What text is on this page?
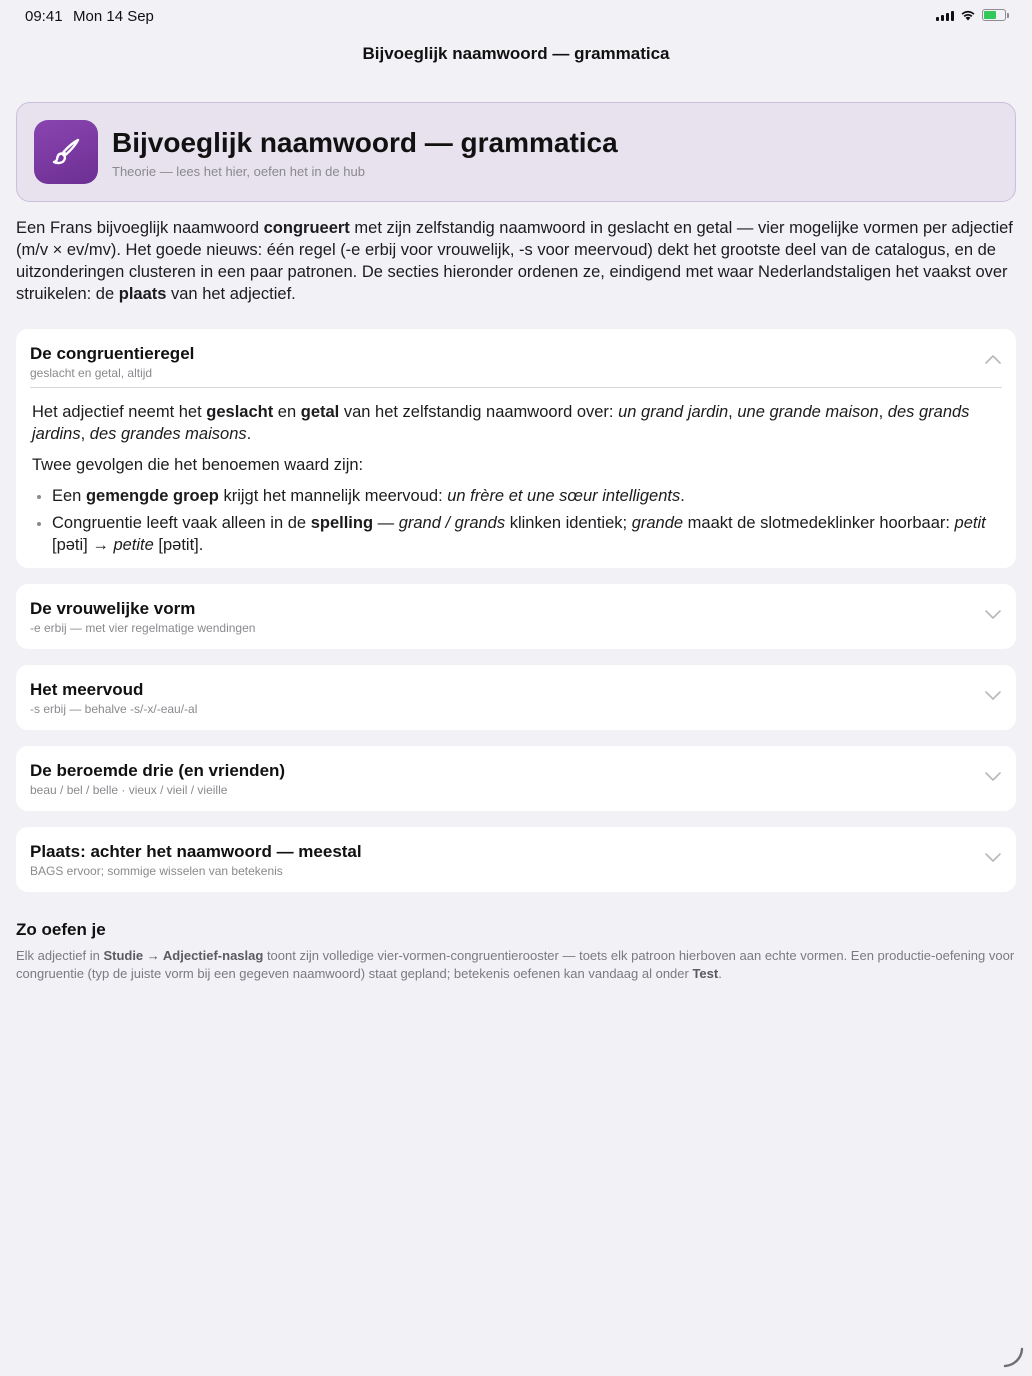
09:41 Mon 14 Sep
Bijvoeglijk naamwoord — grammatica
Bijvoeglijk naamwoord — grammatica
Theorie — lees het hier, oefen het in de hub
Een Frans bijvoeglijk naamwoord congrueert met zijn zelfstandig naamwoord in geslacht en getal — vier mogelijke vormen per adjectief (m/v × ev/mv). Het goede nieuws: één regel (-e erbij voor vrouwelijk, -s voor meervoud) dekt het grootste deel van de catalogus, en de uitzonderingen clusteren in een paar patronen. De secties hieronder ordenen ze, eindigend met waar Nederlandstaligen het vaakst over struikelen: de plaats van het adjectief.
De congruentieregel
geslacht en getal, altijd

Het adjectief neemt het geslacht en getal van het zelfstandig naamwoord over: un grand jardin, une grande maison, des grands jardins, des grandes maisons.

Twee gevolgen die het benoemen waard zijn:

Een gemengde groep krijgt het mannelijk meervoud: un frère et une sœur intelligents.
Congruentie leeft vaak alleen in de spelling — grand / grands klinken identiek; grande maakt de slotmedeklinker hoorbaar: petit [pəti] → petite [pətit].
De vrouwelijke vorm
-e erbij — met vier regelmatige wendingen
Het meervoud
-s erbij — behalve -s/-x/-eau/-al
De beroemde drie (en vrienden)
beau / bel / belle · vieux / vieil / vieille
Plaats: achter het naamwoord — meestal
BAGS ervoor; sommige wisselen van betekenis
Zo oefen je
Elk adjectief in Studie → Adjectief-naslag toont zijn volledige vier-vormen-congruentierooster — toets elk patroon hierboven aan echte vormen. Een productie-oefening voor congruentie (typ de juiste vorm bij een gegeven naamwoord) staat gepland; betekenis oefenen kan vandaag al onder Test.
